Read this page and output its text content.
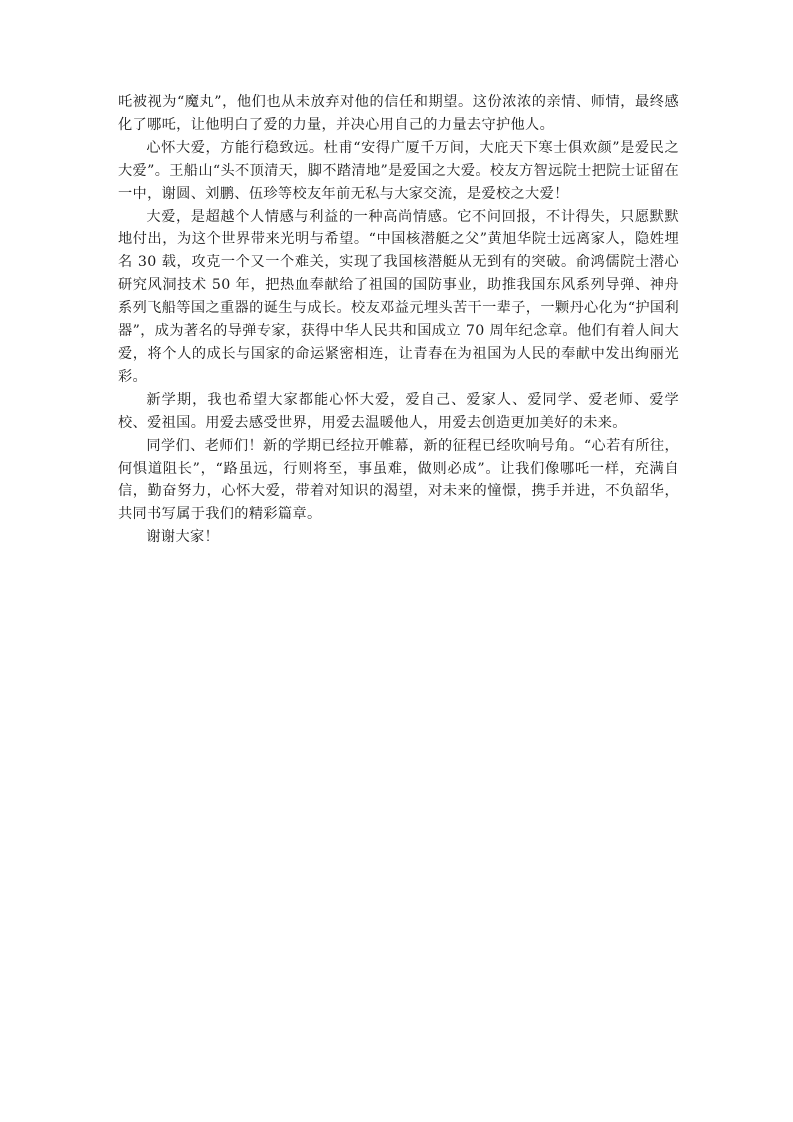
吒被视为“魔丸”，他们也从未放弃对他的信任和期望。这份浓浓的亲情、师情，最终感化了哪吒，让他明白了爱的力量，并决心用自己的力量去守护他人。

心怀大爱，方能行稳致远。杜甫“安得广厦千万间，大庇天下寒士俱欢颜”是爱民之大爱”。王船山“头不顶清天，脚不踏清地”是爱国之大爱。校友方智远院士把院士证留在一中，谢圆、刘鹏、伍珍等校友年前无私与大家交流，是爱校之大爱！

大爱，是超越个人情感与利益的一种高尚情感。它不问回报，不计得失，只愿默默地付出，为这个世界带来光明与希望。“中国核潜艇之父”黄旭华院士远离家人，隐姓埋名 30 载，攻克一个又一个难关，实现了我国核潜艇从无到有的突破。俞鸿儒院士潜心研究风洞技术 50 年，把热血奉献给了祖国的国防事业，助推我国东风系列导弹、神舟系列飞船等国之重器的诞生与成长。校友邓益元埋头苦干一辈子，一颗丹心化为“护国利器”，成为著名的导弹专家，获得中华人民共和国成立 70 周年纪念章。他们有着人间大爱，将个人的成长与国家的命运紧密相连，让青春在为祖国为人民的奉献中发出绚丽光彩。

新学期，我也希望大家都能心怀大爱，爱自己、爱家人、爱同学、爱老师、爱学校、爱祖国。用爱去感受世界，用爱去温暖他人，用爱去创造更加美好的未来。

同学们、老师们！新的学期已经拉开帷幕，新的征程已经吹响号角。“心若有所往，何惧道阻长”，“路虽远，行则将至，事虽难，做则必成”。让我们像哪吒一样，充满自信，勤奋努力，心怀大爱，带着对知识的渴望，对未来的憧憬，携手并进，不负韶华，共同书写属于我们的精彩篇章。

谢谢大家！
